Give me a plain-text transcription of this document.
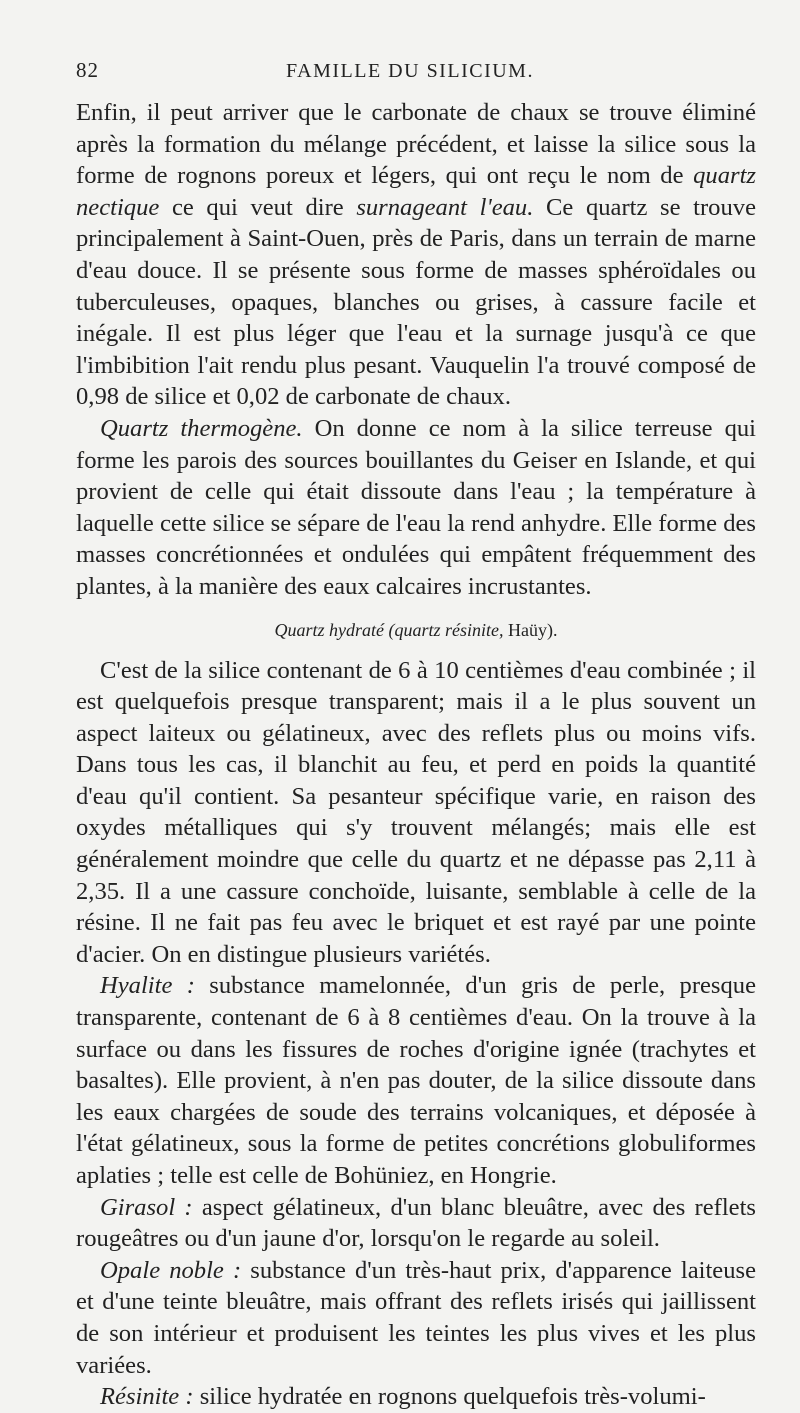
82	FAMILLE DU SILICIUM.

Enfin, il peut arriver que le carbonate de chaux se trouve éliminé après la formation du mélange précédent, et laisse la silice sous la forme de rognons poreux et légers, qui ont reçu le nom de quartz nectique ce qui veut dire surnageant l'eau. Ce quartz se trouve principalement à Saint-Ouen, près de Paris, dans un terrain de marne d'eau douce. Il se présente sous forme de masses sphéroïdales ou tuberculeuses, opaques, blanches ou grises, à cassure facile et inégale. Il est plus léger que l'eau et la surnage jusqu'à ce que l'imbibition l'ait rendu plus pesant. Vauquelin l'a trouvé composé de 0,98 de silice et 0,02 de carbonate de chaux.

Quartz thermogène. On donne ce nom à la silice terreuse qui forme les parois des sources bouillantes du Geiser en Islande, et qui provient de celle qui était dissoute dans l'eau ; la température à laquelle cette silice se sépare de l'eau la rend anhydre. Elle forme des masses concrétionnées et ondulées qui empâtent fréquemment des plantes, à la manière des eaux calcaires incrustantes.

Quartz hydraté (quartz résinite, Haüy).

C'est de la silice contenant de 6 à 10 centièmes d'eau combinée ; il est quelquefois presque transparent; mais il a le plus souvent un aspect laiteux ou gélatineux, avec des reflets plus ou moins vifs. Dans tous les cas, il blanchit au feu, et perd en poids la quantité d'eau qu'il contient. Sa pesanteur spécifique varie, en raison des oxydes métalliques qui s'y trouvent mélangés; mais elle est généralement moindre que celle du quartz et ne dépasse pas 2,11 à 2,35. Il a une cassure conchoïde, luisante, semblable à celle de la résine. Il ne fait pas feu avec le briquet et est rayé par une pointe d'acier. On en distingue plusieurs variétés.

Hyalite : substance mamelonnée, d'un gris de perle, presque transparente, contenant de 6 à 8 centièmes d'eau. On la trouve à la surface ou dans les fissures de roches d'origine ignée (trachytes et basaltes). Elle provient, à n'en pas douter, de la silice dissoute dans les eaux chargées de soude des terrains volcaniques, et déposée à l'état gélatineux, sous la forme de petites concrétions globuliformes aplaties ; telle est celle de Bohüniez, en Hongrie.

Girasol : aspect gélatineux, d'un blanc bleuâtre, avec des reflets rougeâtres ou d'un jaune d'or, lorsqu'on le regarde au soleil.

Opale noble : substance d'un très-haut prix, d'apparence laiteuse et d'une teinte bleuâtre, mais offrant des reflets irisés qui jaillissent de son intérieur et produisent les teintes les plus vives et les plus variées.

Résinite : silice hydratée en rognons quelquefois très-volumi-
